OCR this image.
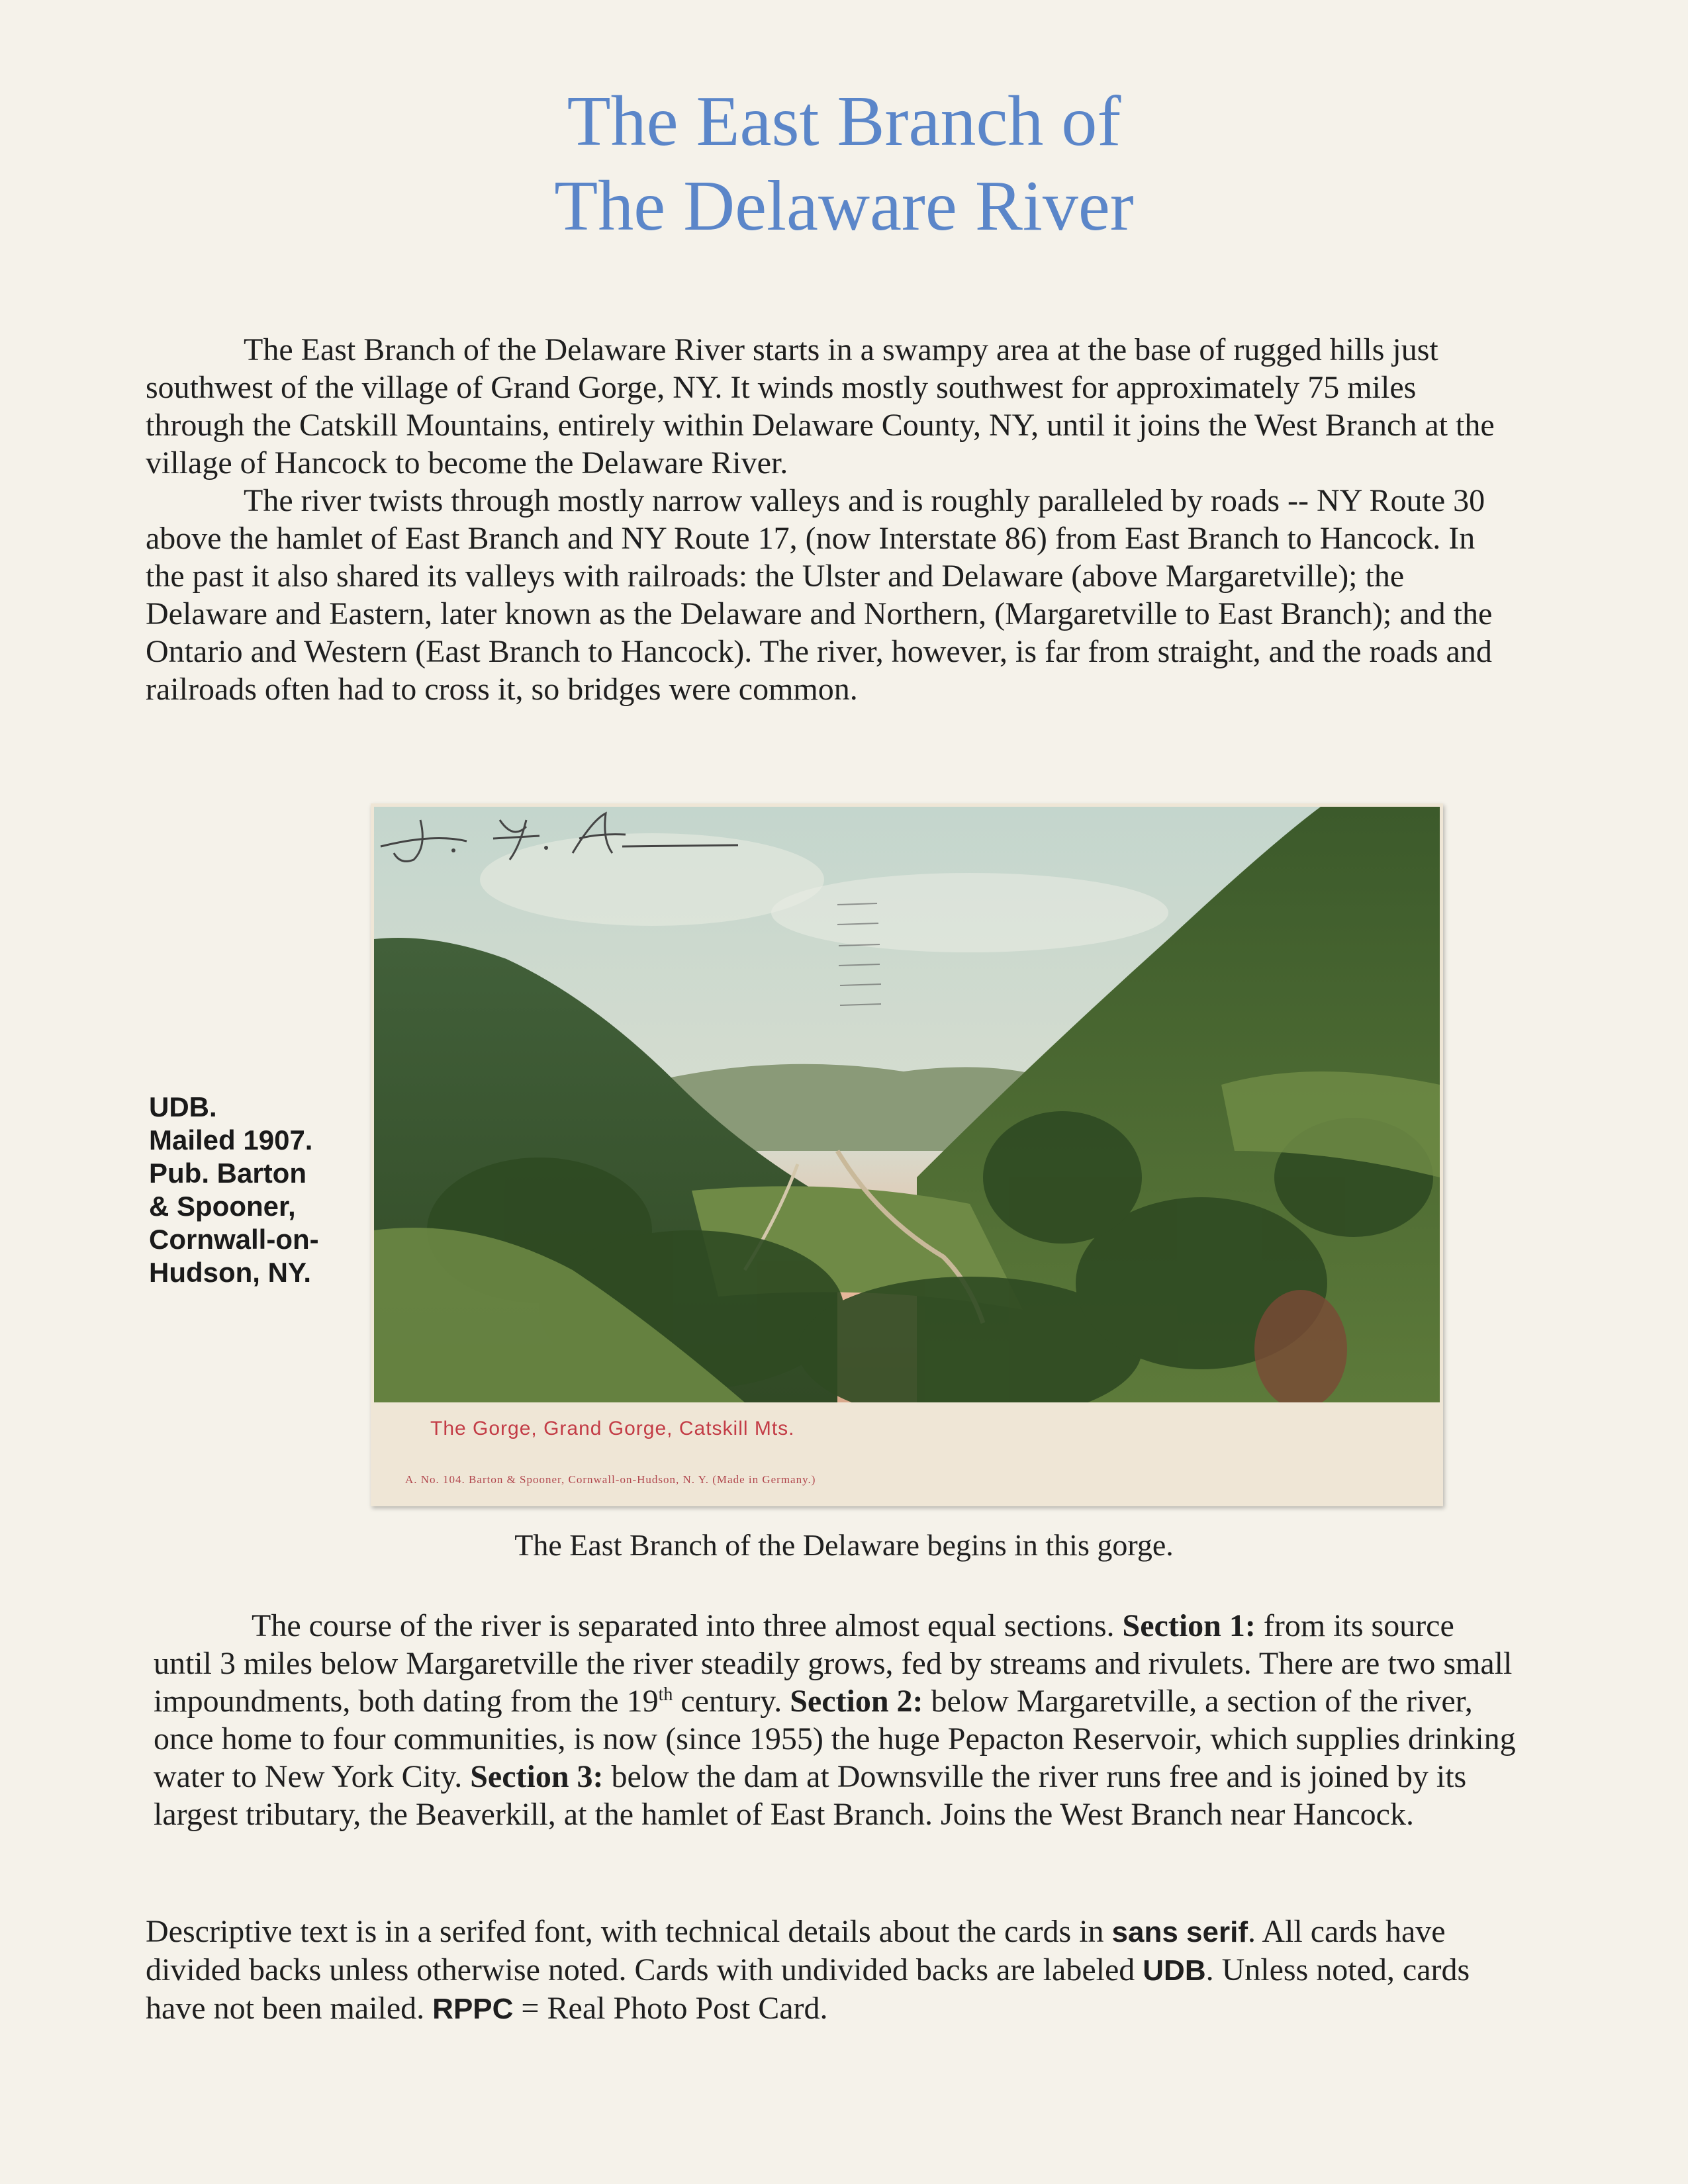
The East Branch of
The Delaware River

The East Branch of the Delaware River starts in a swampy area at the base of rugged hills just southwest of the village of Grand Gorge, NY. It winds mostly southwest for approximately 75 miles through the Catskill Mountains, entirely within Delaware County, NY, until it joins the West Branch at the village of Hancock to become the Delaware River.

The river twists through mostly narrow valleys and is roughly paralleled by roads -- NY Route 30 above the hamlet of East Branch and NY Route 17, (now Interstate 86) from East Branch to Hancock. In the past it also shared its valleys with railroads: the Ulster and Delaware (above Margaretville); the Delaware and Eastern, later known as the Delaware and Northern, (Margaretville to East Branch); and the Ontario and Western (East Branch to Hancock). The river, however, is far from straight, and the roads and railroads often had to cross it, so bridges were common.

UDB.
Mailed 1907.
Pub. Barton
& Spooner,
Cornwall-on-
Hudson, NY.
The Gorge, Grand Gorge, Catskill Mts.
A. No. 104. Barton & Spooner, Cornwall-on-Hudson, N. Y. (Made in Germany.)
The East Branch of the Delaware begins in this gorge.

The course of the river is separated into three almost equal sections. Section 1: from its source until 3 miles below Margaretville the river steadily grows, fed by streams and rivulets. There are two small impoundments, both dating from the 19th century. Section 2: below Margaretville, a section of the river, once home to four communities, is now (since 1955) the huge Pepacton Reservoir, which supplies drinking water to New York City. Section 3: below the dam at Downsville the river runs free and is joined by its largest tributary, the Beaverkill, at the hamlet of East Branch. Joins the West Branch near Hancock.

Descriptive text is in a serifed font, with technical details about the cards in sans serif. All cards have divided backs unless otherwise noted. Cards with undivided backs are labeled UDB. Unless noted, cards have not been mailed. RPPC = Real Photo Post Card.
